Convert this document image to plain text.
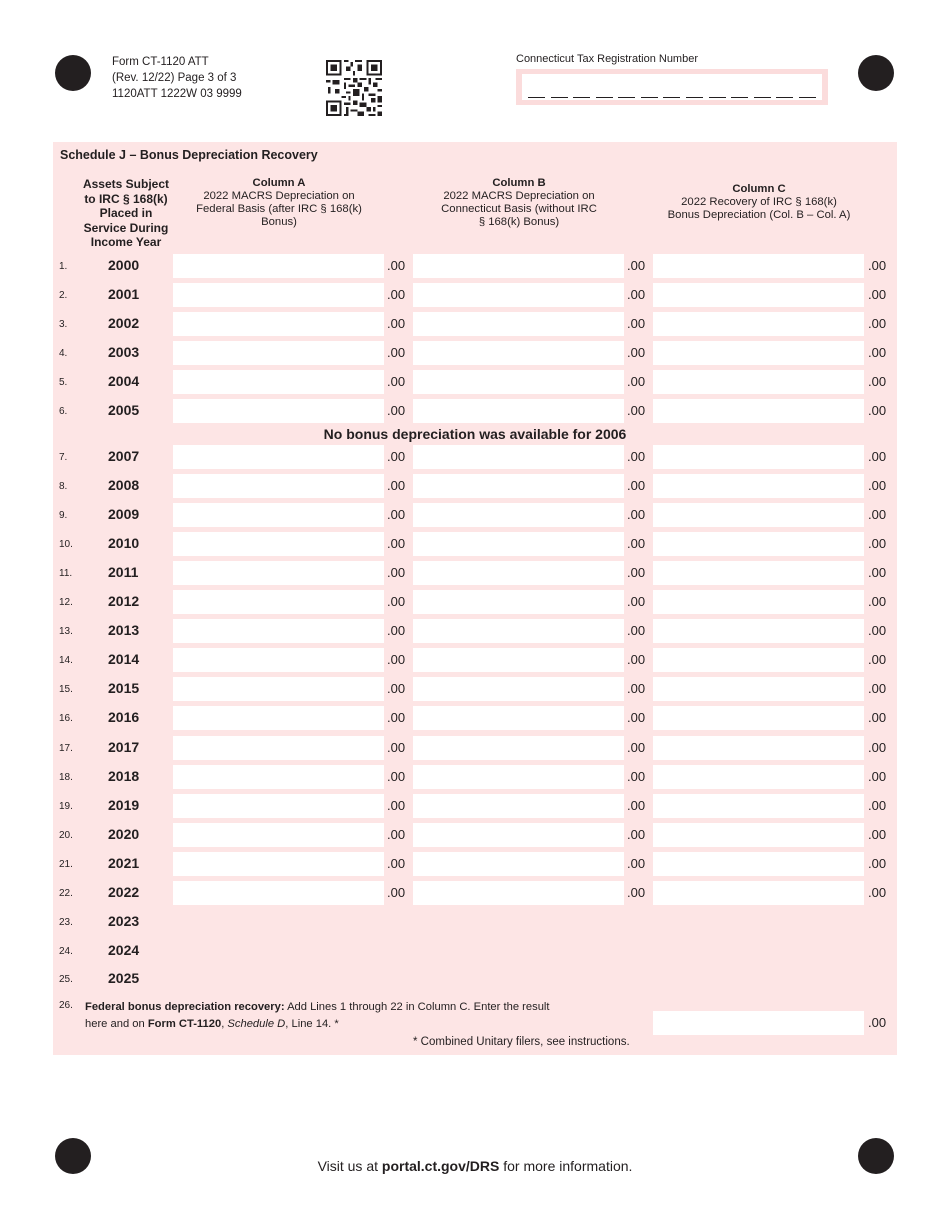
Form CT-1120 ATT
(Rev. 12/22) Page 3 of 3
1120ATT 1222W 03 9999
Connecticut Tax Registration Number
Schedule J – Bonus Depreciation Recovery
Assets Subject
to IRC § 168(k)
Placed in
Service During
Income Year
Column A
2022 MACRS Depreciation on
Federal Basis (after IRC § 168(k)
Bonus)
Column B
2022 MACRS Depreciation on
Connecticut Basis (without IRC
§ 168(k) Bonus)
Column C
2022 Recovery of IRC § 168(k)
Bonus Depreciation (Col. B – Col. A)
1.	2000	.00	.00	.00
2.	2001	.00	.00	.00
3.	2002	.00	.00	.00
4.	2003	.00	.00	.00
5.	2004	.00	.00	.00
6.	2005	.00	.00	.00
7.	2007	.00	.00	.00
8.	2008	.00	.00	.00
9.	2009	.00	.00	.00
10.	2010	.00	.00	.00
11.	2011	.00	.00	.00
12.	2012	.00	.00	.00
13.	2013	.00	.00	.00
14.	2014	.00	.00	.00
15.	2015	.00	.00	.00
16.	2016	.00	.00	.00
17.	2017	.00	.00	.00
18.	2018	.00	.00	.00
19.	2019	.00	.00	.00
20.	2020	.00	.00	.00
21.	2021	.00	.00	.00
22.	2022	.00	.00	.00
23.	2023
24.	2024
25.	2025
No bonus depreciation was available for 2006
26. Federal bonus depreciation recovery: Add Lines 1 through 22 in Column C. Enter the result
here and on Form CT-1120, Schedule D, Line 14. *	.00
* Combined Unitary filers, see instructions.
Visit us at portal.ct.gov/DRS for more information.
